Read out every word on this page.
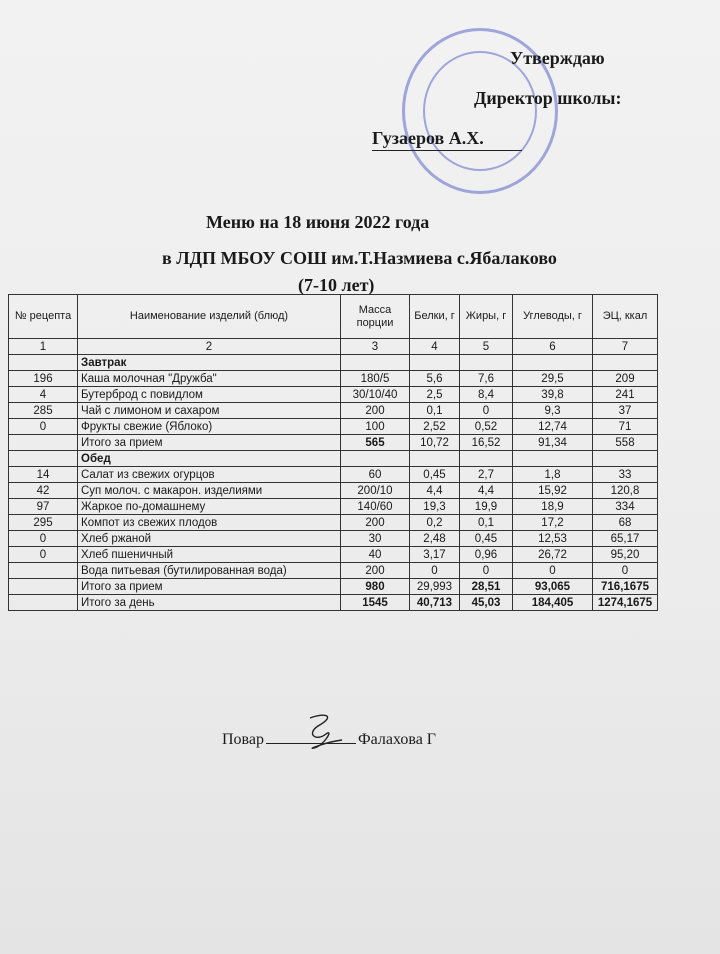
Утверждаю
Директор школы:
Гузаеров А.Х.
Меню на 18 июня 2022 года
в ЛДП МБОУ СОШ им.Т.Назмиева с.Ябалаково
(7-10 лет)
№ рецепта	Наименование изделий (блюд)	Масса порции	Белки, г	Жиры, г	Углеводы, г	ЭЦ, ккал
1	2	3	4	5	6	7
	Завтрак					
196	Каша молочная "Дружба"	180/5	5,6	7,6	29,5	209
4	Бутерброд с повидлом	30/10/40	2,5	8,4	39,8	241
285	Чай с лимоном и сахаром	200	0,1	0	9,3	37
0	Фрукты свежие (Яблоко)	100	2,52	0,52	12,74	71
	Итого за прием	565	10,72	16,52	91,34	558
	Обед					
14	Салат из свежих огурцов	60	0,45	2,7	1,8	33
42	Суп молоч. с макарон. изделиями	200/10	4,4	4,4	15,92	120,8
97	Жаркое по-домашнему	140/60	19,3	19,9	18,9	334
295	Компот из свежих плодов	200	0,2	0,1	17,2	68
0	Хлеб ржаной	30	2,48	0,45	12,53	65,17
0	Хлеб пшеничный	40	3,17	0,96	26,72	95,20
	Вода питьевая (бутилированная вода)	200	0	0	0	0
	Итого за прием	980	29,993	28,51	93,065	716,1675
	Итого за день	1545	40,713	45,03	184,405	1274,1675
Повар	Фалахова Г
